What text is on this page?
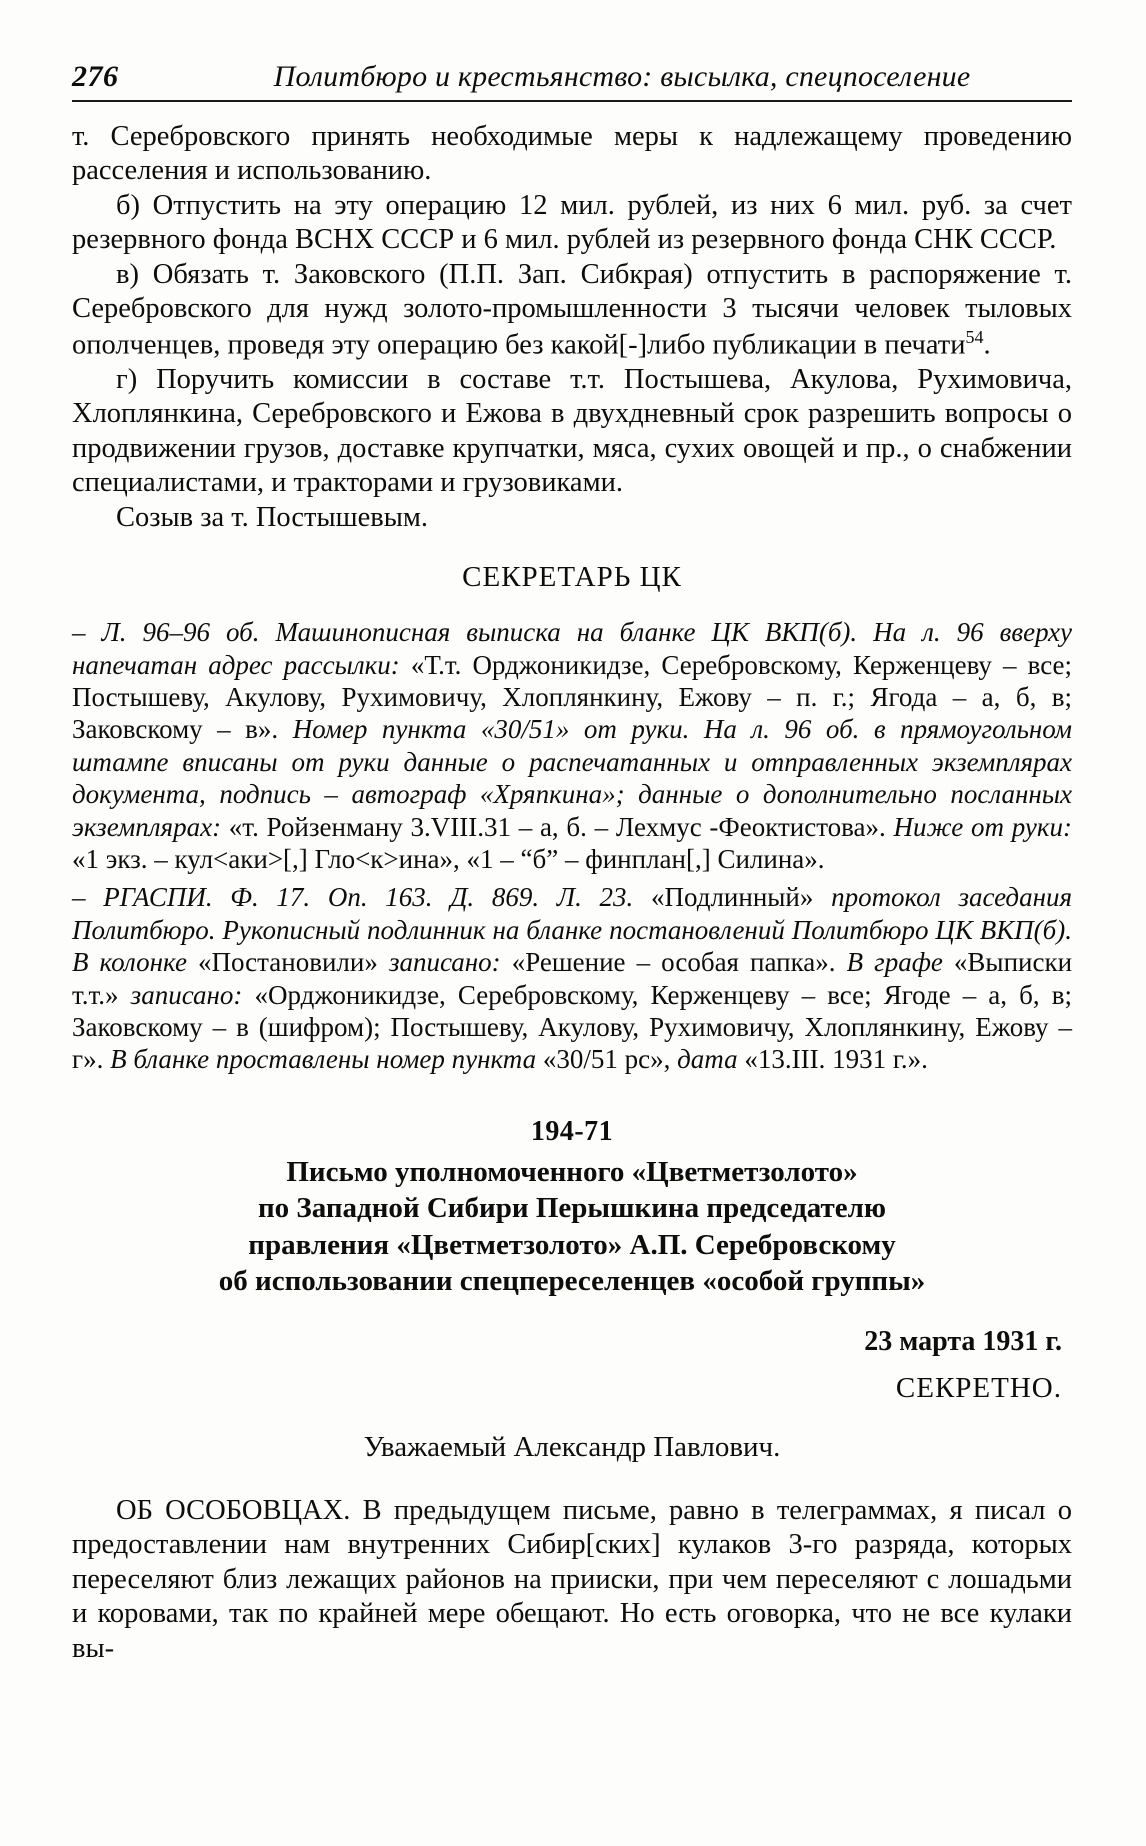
276	Политбюро и крестьянство: высылка, спецпоселение

т. Серебровского принять необходимые меры к надлежащему проведению расселения и использованию.

б) Отпустить на эту операцию 12 мил. рублей, из них 6 мил. руб. за счет резервного фонда ВСНХ СССР и 6 мил. рублей из резервного фонда СНК СССР.

в) Обязать т. Заковского (П.П. Зап. Сибкрая) отпустить в распоряжение т. Серебровского для нужд золото-промышленности 3 тысячи человек тыловых ополченцев, проведя эту операцию без какой[-]либо публикации в печати$^{54}$.

г) Поручить комиссии в составе т.т. Постышева, Акулова, Рухимовича, Хлоплянкина, Серебровского и Ежова в двухдневный срок разрешить вопросы о продвижении грузов, доставке крупчатки, мяса, сухих овощей и пр., о снабжении специалистами, и тракторами и грузовиками.

Созыв за т. Постышевым.

СЕКРЕТАРЬ ЦК
– Л. 96–96 об. Машинописная выписка на бланке ЦК ВКП(б). На л. 96 вверху напечатан адрес рассылки: «Т.т. Орджоникидзе, Серебровскому, Керженцеву – все; Постышеву, Акулову, Рухимовичу, Хлоплянкину, Ежову – п. г.; Ягода – а, б, в; Заковскому – в». Номер пункта «30/51» от руки. На л. 96 об. в прямоугольном штампе вписаны от руки данные о распечатанных и отправленных экземплярах документа, подпись – автограф «Хряпкина»; данные о дополнительно посланных экземплярах: «т. Ройзенману 3.VIII.31 – а, б. – Лехмус -Феоктистова». Ниже от руки: «1 экз. – кул<аки>[,] Гло<к>ина», «1 – “б” – финплан[,] Силина».
– РГАСПИ. Ф. 17. Оп. 163. Д. 869. Л. 23. «Подлинный» протокол заседания Политбюро. Рукописный подлинник на бланке постановлений Политбюро ЦК ВКП(б). В колонке «Постановили» записано: «Решение – особая папка». В графе «Выписки т.т.» записано: «Орджоникидзе, Серебровскому, Керженцеву – все; Ягоде – а, б, в; Заковскому – в (шифром); Постышеву, Акулову, Рухимовичу, Хлоплянкину, Ежову – г». В бланке проставлены номер пункта «30/51 рс», дата «13.III. 1931 г.».
194-71
Письмо уполномоченного «Цветметзолото»
по Западной Сибири Перышкина председателю
правления «Цветметзолото» А.П. Серебровскому
об использовании спецпереселенцев «особой группы»
23 марта 1931 г.
СЕКРЕТНО.
Уважаемый Александр Павлович.

ОБ ОСОБОВЦАХ. В предыдущем письме, равно в телеграммах, я писал о предоставлении нам внутренних Сибир[ских] кулаков 3-го разряда, которых переселяют близ лежащих районов на прииски, при чем переселяют с лошадьми и коровами, так по крайней мере обещают. Но есть оговорка, что не все кулаки вы-
